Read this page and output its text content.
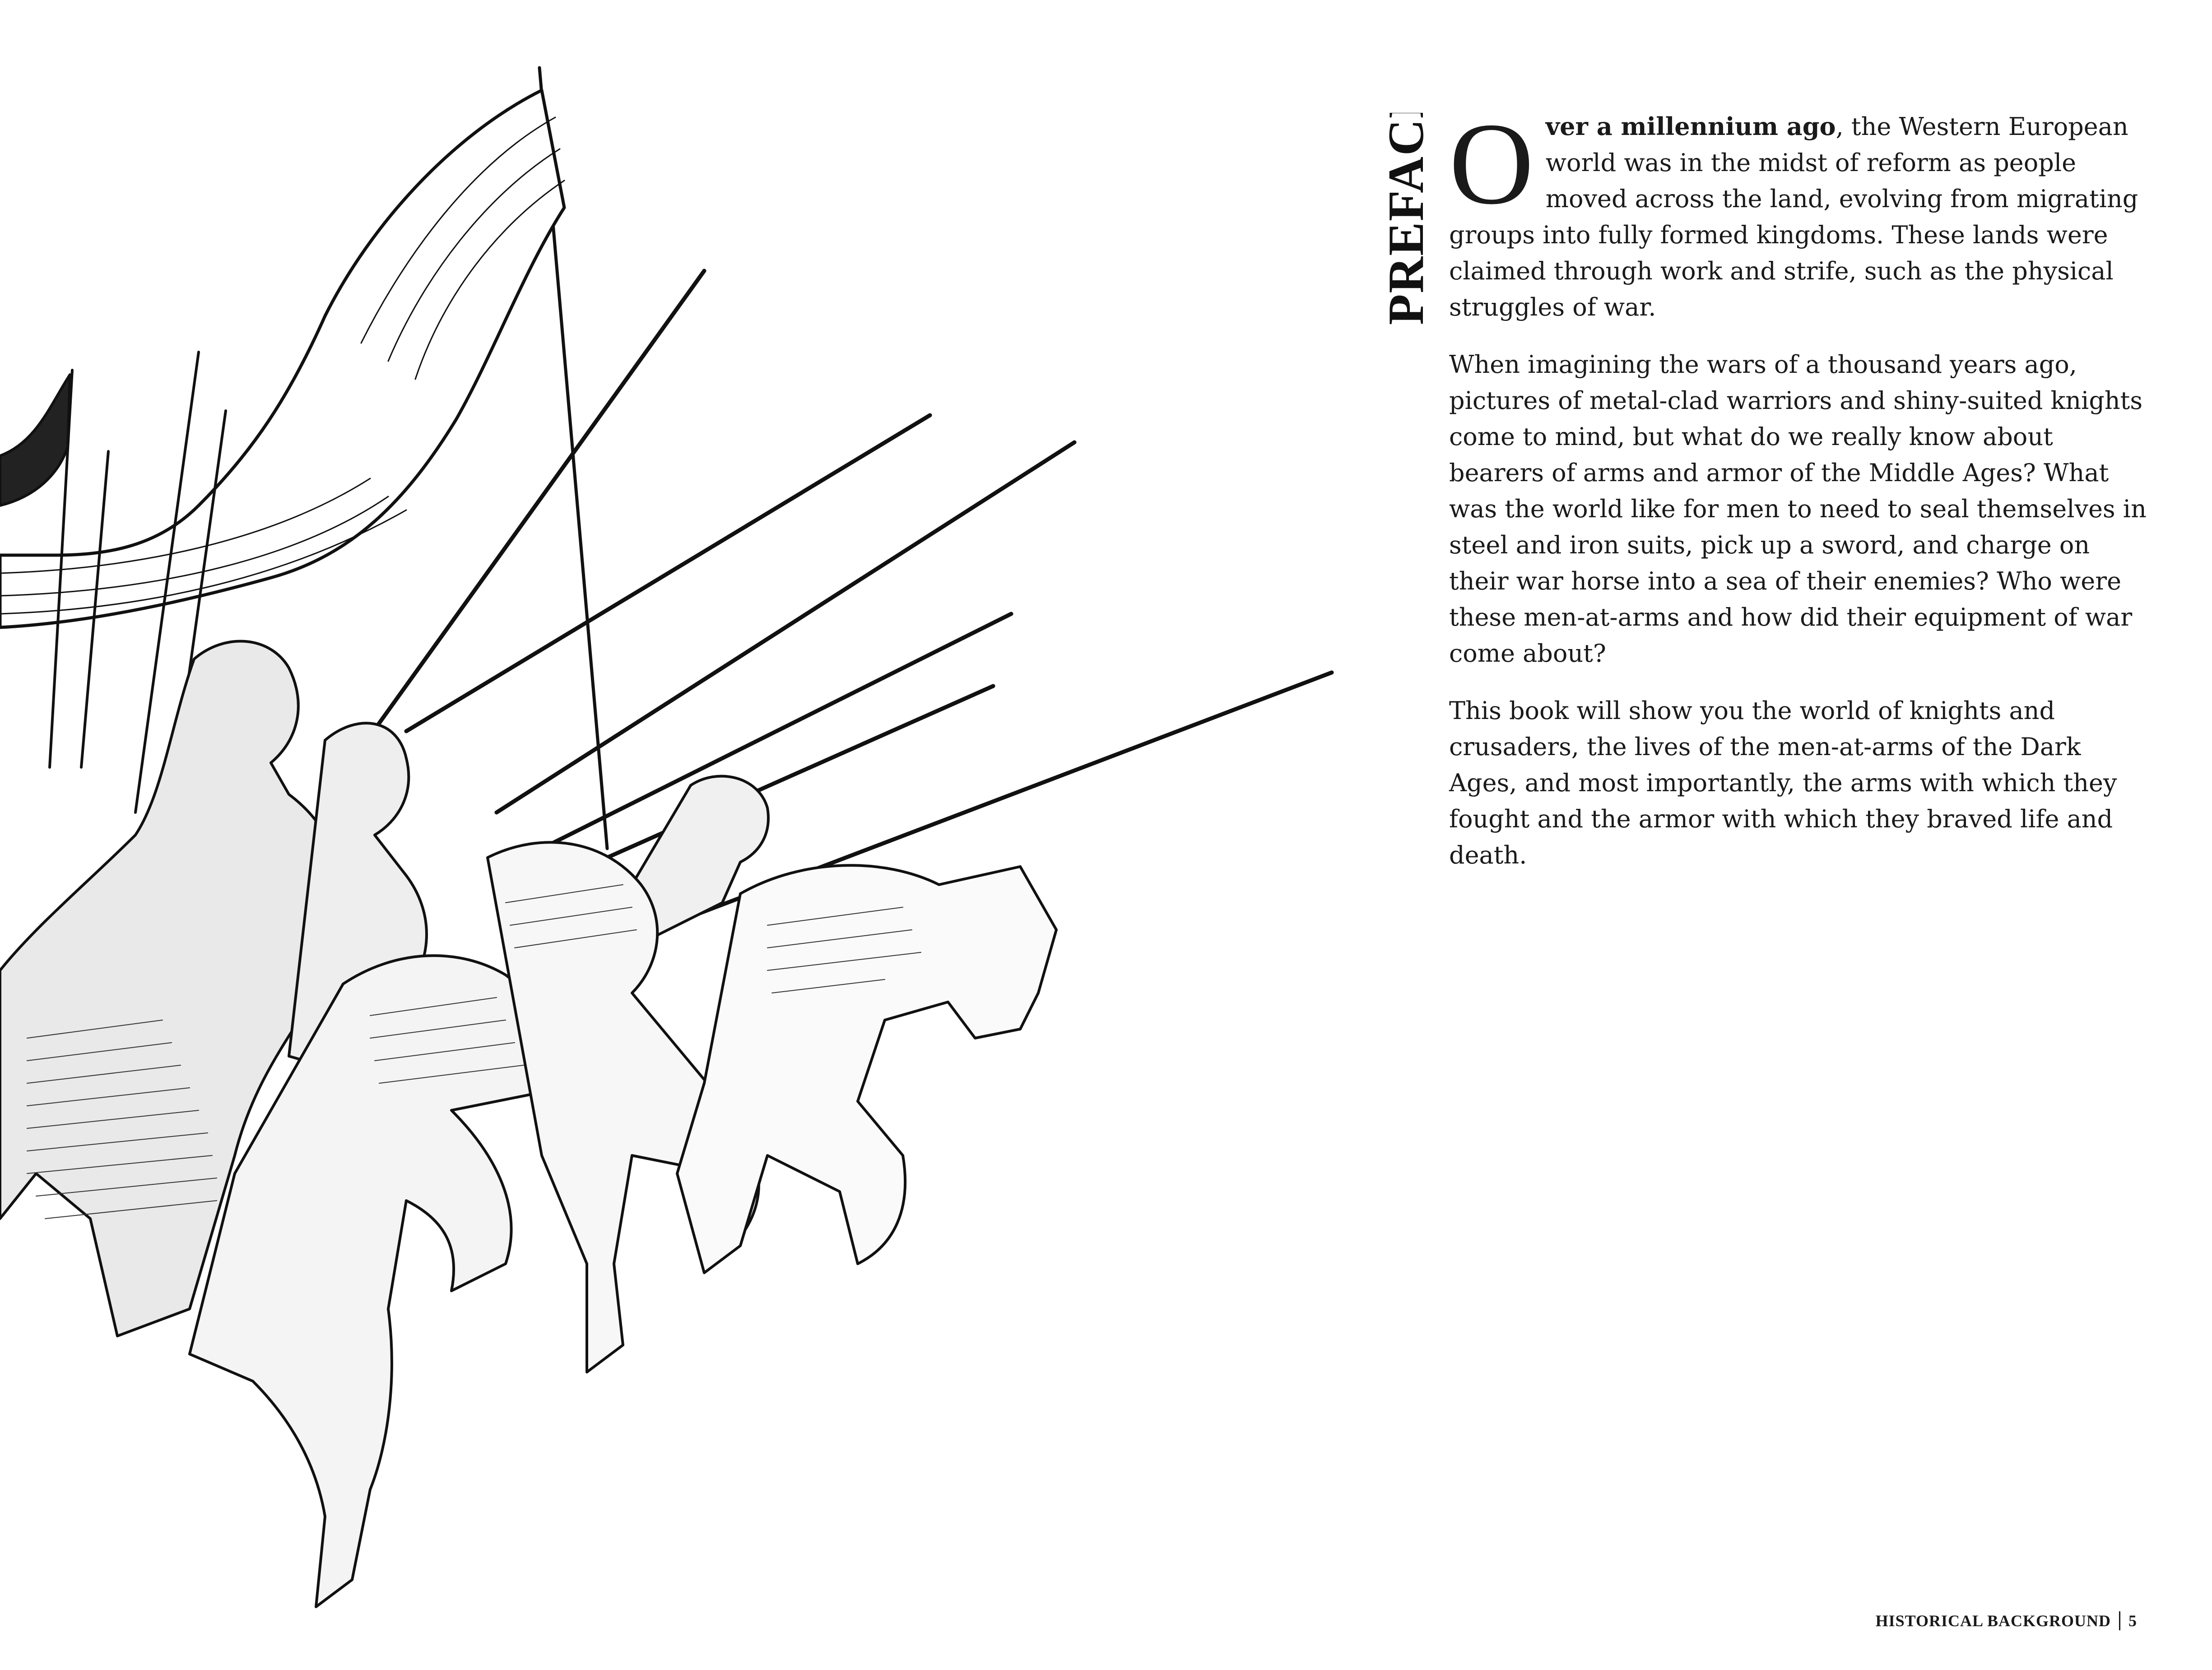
PREFACE Over a millennium ago, the Western European world was in the midst of reform as people moved across the land, evolving from migrating groups into fully formed kingdoms. These lands were claimed through work and strife, such as the physical struggles of war.

When imagining the wars of a thousand years ago, pictures of metal-clad warriors and shiny-suited knights come to mind, but what do we really know about bearers of arms and armor of the Middle Ages? What was the world like for men to need to seal themselves in steel and iron suits, pick up a sword, and charge on their war horse into a sea of their enemies? Who were these men-at-arms and how did their equipment of war come about?

This book will show you the world of knights and crusaders, the lives of the men-at-arms of the Dark Ages, and most importantly, the arms with which they fought and the armor with which they braved life and death.

HISTORICAL BACKGROUND 5
